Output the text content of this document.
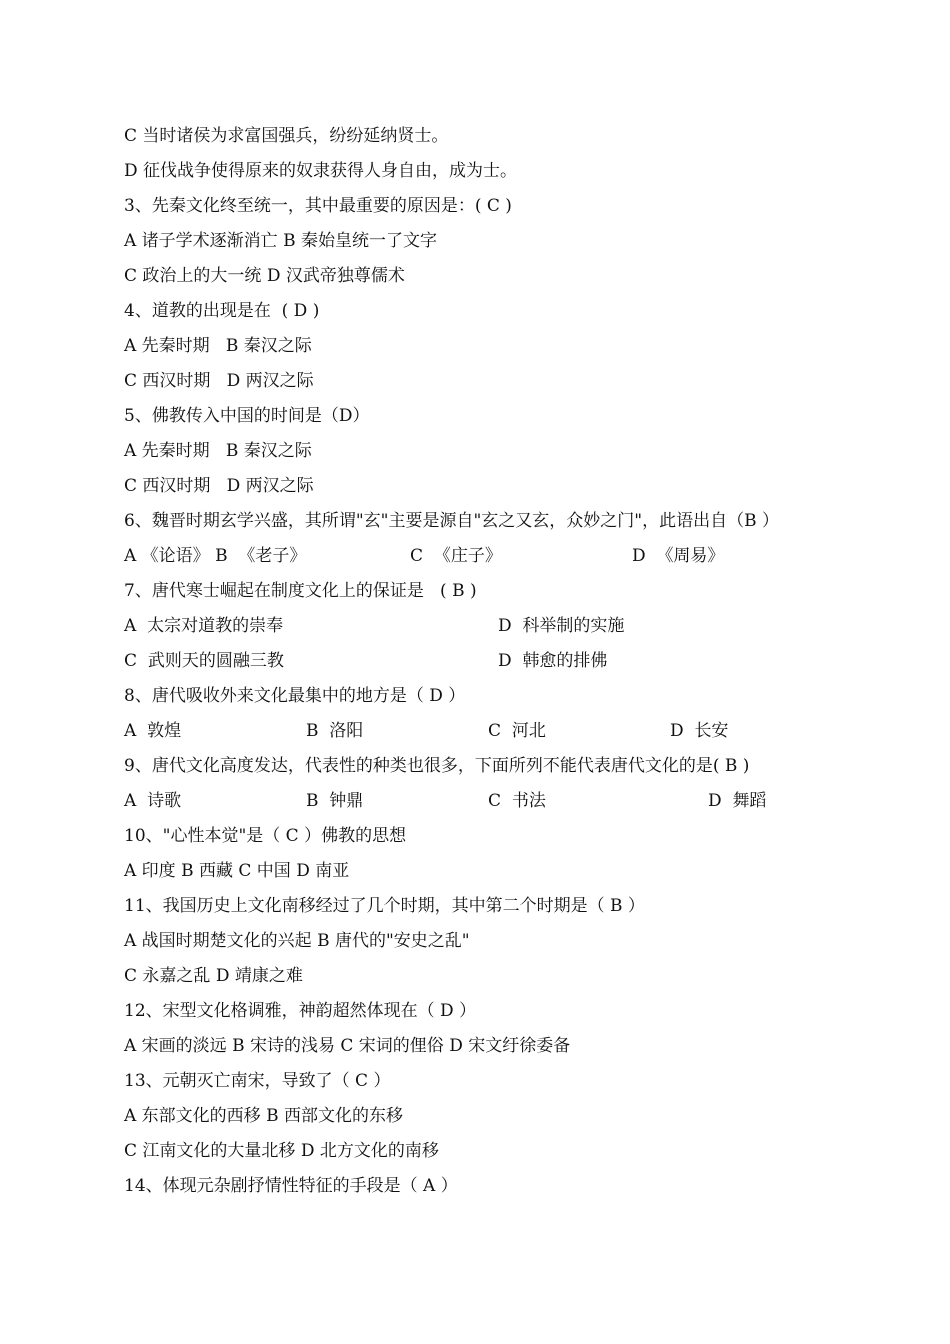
C 当时诸侯为求富国强兵，纷纷延纳贤士。
D 征伐战争使得原来的奴隶获得人身自由，成为士。
3、先秦文化终至统一，其中最重要的原因是：( C )
A 诸子学术逐渐消亡 B 秦始皇统一了文字
C 政治上的大一统 D 汉武帝独尊儒术
4、道教的出现是在  ( D )
A 先秦时期   B 秦汉之际
C 西汉时期   D 两汉之际
5、佛教传入中国的时间是（D）
A 先秦时期   B 秦汉之际
C 西汉时期   D 两汉之际
6、魏晋时期玄学兴盛，其所谓"玄"主要是源自"玄之又玄，众妙之门"，此语出自（B ）

A 《论语》 B  《老子》

	C  《庄子》

	D  《周易》

7、唐代寒士崛起在制度文化上的保证是   ( B )

A  太宗对道教的崇奉

	D  科举制的实施

C  武则天的圆融三教

	D  韩愈的排佛

8、唐代吸收外来文化最集中的地方是（ D ）

A  敦煌

	B  洛阳

	C  河北

	D  长安

9、唐代文化高度发达，代表性的种类也很多，下面所列不能代表唐代文化的是( B )

A  诗歌

	B  钟鼎

	C  书法

	D  舞蹈

10、"心性本觉"是（ C ）佛教的思想
A 印度 B 西藏 C 中国 D 南亚
11、我国历史上文化南移经过了几个时期，其中第二个时期是（ B ）
A 战国时期楚文化的兴起 B 唐代的"安史之乱"
C 永嘉之乱 D 靖康之难
12、宋型文化格调雅，神韵超然体现在（ D ）
A 宋画的淡远 B 宋诗的浅易 C 宋词的俚俗 D 宋文纡徐委备
13、元朝灭亡南宋，导致了（ C ）
A 东部文化的西移 B 西部文化的东移
C 江南文化的大量北移 D 北方文化的南移
14、体现元杂剧抒情性特征的手段是（ A ）
